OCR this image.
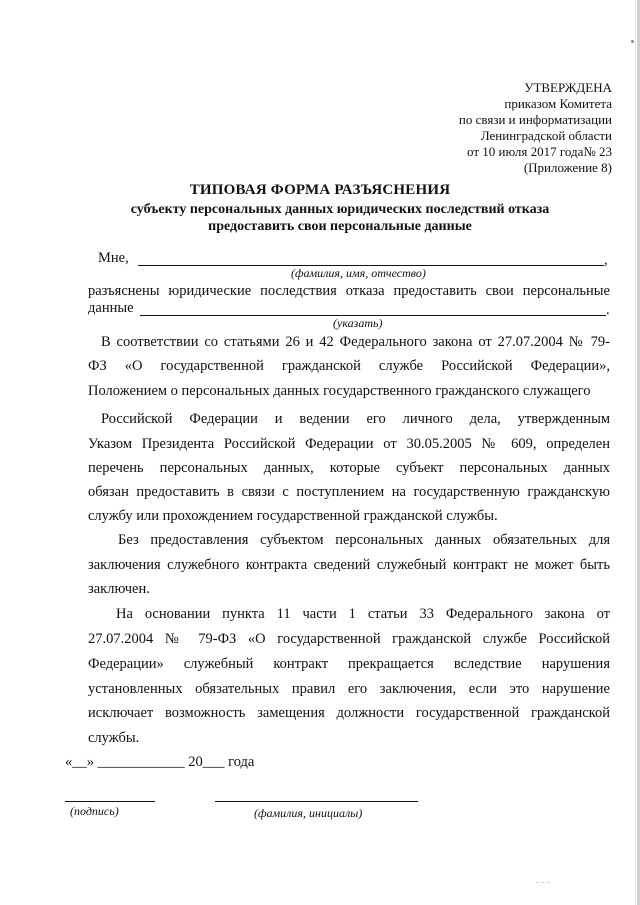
УТВЕРЖДЕНА
приказом Комитета
по связи и информатизации
Ленинградской области
от 10 июля 2017 года№ 23
(Приложение 8)
ТИПОВАЯ ФОРМА РАЗЪЯСНЕНИЯ
субъекту персональных данных юридических последствий отказа
предоставить свои персональные данные
Мне,	,
(фамилия, имя, отчество)
разъяснены юридические последствия отказа предоставить свои персональные
данные	.
(указать)
В соответствии со статьями 26 и 42 Федерального закона от 27.07.2004 № 79-
ФЗ «О государственной гражданской службе Российской Федерации»,
Положением о персональных данных государственного гражданского служащего
Российской Федерации и ведении его личного дела, утвержденным
Указом Президента Российской Федерации от 30.05.2005 № 609, определен
перечень персональных данных, которые субъект персональных данных
обязан предоставить в связи с поступлением на государственную гражданскую
службу или прохождением государственной гражданской службы.
Без предоставления субъектом персональных данных обязательных для
заключения служебного контракта сведений служебный контракт не может быть
заключен.
На основании пункта 11 части 1 статьи 33 Федерального закона от
27.07.2004 № 79-ФЗ «О государственной гражданской службе Российской
Федерации» служебный контракт прекращается вследствие нарушения
установленных обязательных правил его заключения, если это нарушение
исключает возможность замещения должности государственной гражданской
службы.
«__» ____________ 20___ года
(подпись)	(фамилия, инициалы)
